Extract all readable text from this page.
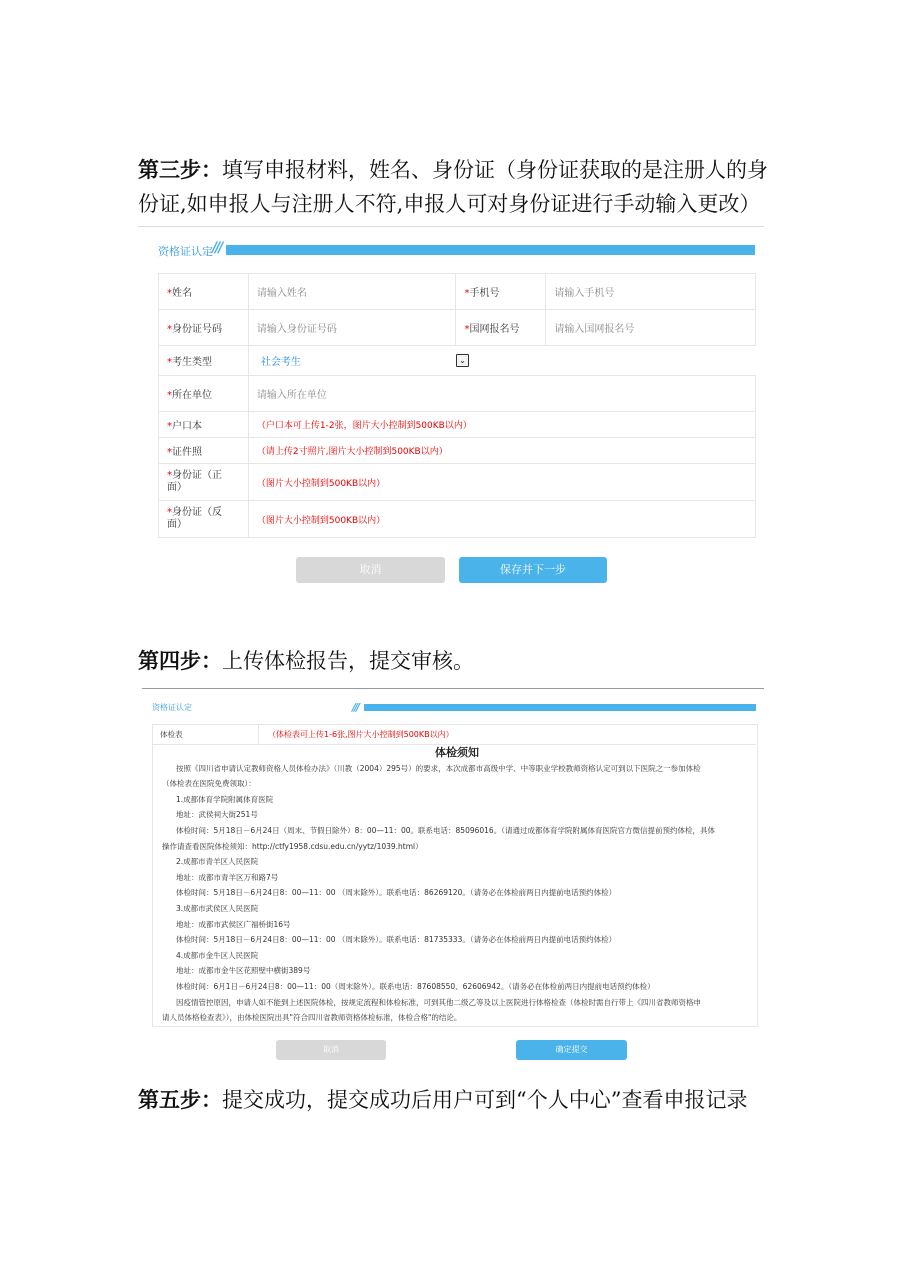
第三步：填写申报材料，姓名、身份证（身份证获取的是注册人的身
份证,如申报人与注册人不符,申报人可对身份证进行手动输入更改）
资格证认定 ///
*姓名	请输入姓名	*手机号	请输入手机号
*身份证号码	请输入身份证号码	*国网报名号	请输入国网报名号
*考生类型	社会考生		
*所在单位	请输入所在单位		
*户口本	（户口本可上传1-2张，图片大小控制到500KB以内）		
*证件照	（请上传2寸照片,图片大小控制到500KB以内）		
*身份证（正
面）	（图片大小控制到500KB以内）		
*身份证（反
面）	（图片大小控制到500KB以内）		
⌄
取消	保存并下一步
第四步：上传体检报告，提交审核。
资格证认定	///
体检表	（体检表可上传1-6张,图片大小控制到500KB以内）
体检须知
按照《四川省申请认定教师资格人员体检办法》（川教（2004）295号）的要求，本次成都市高级中学、中等职业学校教师资格认定可到以下医院之一参加体检
（体检表在医院免费领取）：
1.成都体育学院附属体育医院
地址：武侯祠大街251号
体检时间：5月18日－6月24日（周末、节假日除外）8：00—11：00。联系电话：85096016。（请通过成都体育学院附属体育医院官方微信提前预约体检，具体
操作请查看医院体检须知：http://ctfy1958.cdsu.edu.cn/yytz/1039.html）
2.成都市青羊区人民医院
地址：成都市青羊区万和路7号
体检时间：5月18日－6月24日8：00—11：00 （周末除外）。联系电话：86269120。（请务必在体检前两日内提前电话预约体检）
3.成都市武侯区人民医院
地址：成都市武侯区广福桥街16号
体检时间：5月18日－6月24日8：00—11：00 （周末除外）。联系电话：81735333。（请务必在体检前两日内提前电话预约体检）
4.成都市金牛区人民医院
地址：成都市金牛区花照壁中横街389号
体检时间：6月1日－6月24日8：00—11：00（周末除外）。联系电话：87608550、62606942。（请务必在体检前两日内提前电话预约体检）
因疫情管控原因，申请人如不能到上述医院体检，按规定流程和体检标准，可到其他二级乙等及以上医院进行体格检查（体检时需自行带上《四川省教师资格申
请人员体格检查表》），由体检医院出具"符合四川省教师资格体检标准，体检合格"的结论。
取消	确定提交
第五步：提交成功，提交成功后用户可到“个人中心”查看申报记录
